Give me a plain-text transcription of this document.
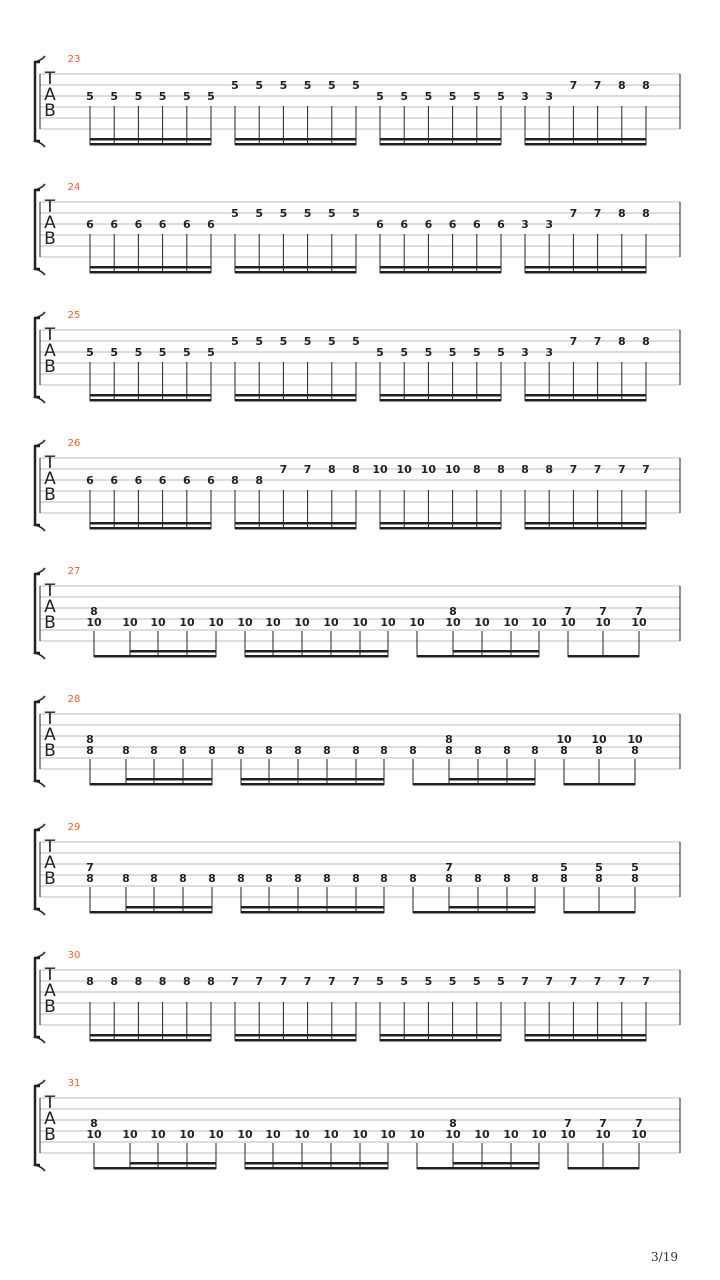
T
A
B
23
5 5 5 5 5 5
5 5 5 5 5 5
5 5 5 5 5 5 3 3
7 7 8 8
T
A
B
24
6 6 6 6 6 6
5 5 5 5 5 5
6 6 6 6 6 6 3 3
7 7 8 8
T
A
B
25
5 5 5 5 5 5
5 5 5 5 5 5
5 5 5 5 5 5 3 3
7 7 8 8
T
A
B
26
6 6 6 6 6 6 8 8
7 7 8 8 10 10 10 10 8 8 8 8 7 7 7 7
T
A
B
27
8
10 10 10 10 10 10 10 10 10 10 10 10
8
10 10 10 10
7
10
7
10
7
10
T
A
B
28
8
8	8 8 8 8 8 8 8 8 8 8 8
8
8 8 8 8
10
8
10
8
10
8
T
A
B
29
7
8	8 8 8 8 8 8 8 8 8 8 8
7
8 8 8 8
5
8
5
8
5
8
T
A
B
30
8 8 8 8 8 8 7 7 7 7 7 7 5 5 5 5 5 5 7 7 7 7 7 7
T
A
B
31
8
10 10 10 10 10 10 10 10 10 10 10 10
8
10 10 10 10
7
10
7
10
7
10
3/19
